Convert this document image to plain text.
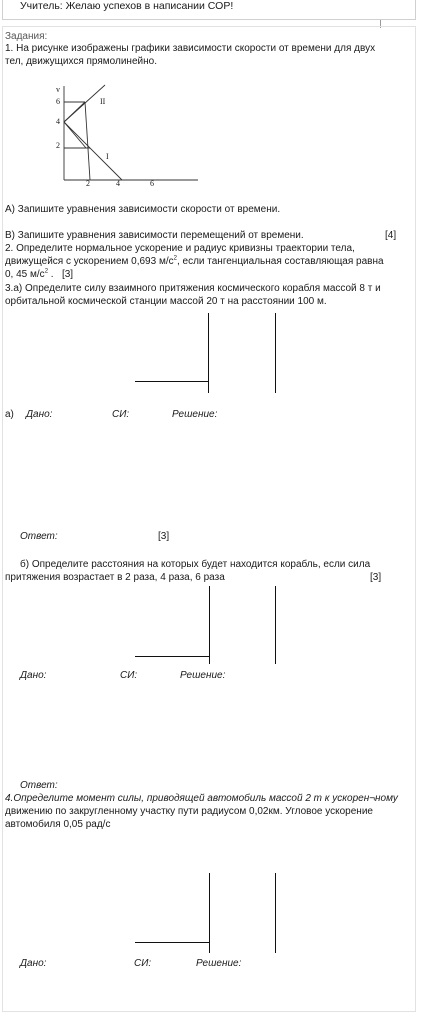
Учитель: Желаю успехов в написании СОР!
Задания:
1. На рисунке изображены графики зависимости скорости от времени для двух
тел, движущихся прямолинейно.
v
6
4
2
2	4	6
II
I
А) Запишите уравнения зависимости скорости от времени.
В) Запишите уравнения зависимости перемещений от времени.	[4]
2. Определите нормальное ускорение и радиус кривизны траектории тела,
движущейся с ускорением 0,693 $м/с^2$, если тангенциальная составляющая равна
0, 45 $м/с^2$ . [3]
3.а) Определите силу взаимного притяжения космического корабля массой 8 т и
орбитальной космической станции массой 20 т на расстоянии 100 м.
а) Дано:	СИ:	Решение:
Ответ:	[3]
б) Определите расстояния на которых будет находится корабль, если сила
притяжения возрастает в 2 раза, 4 раза, 6 раза	[3]
Дано:	СИ:	Решение:
Ответ:
4.Определите момент силы, приводящей автомобиль массой 2 т к ускорен¬ному
движению по закругленному участку пути радиусом 0,02км. Угловое ускорение
автомобиля 0,05 рад/с
Дано:	СИ:	Решение:
